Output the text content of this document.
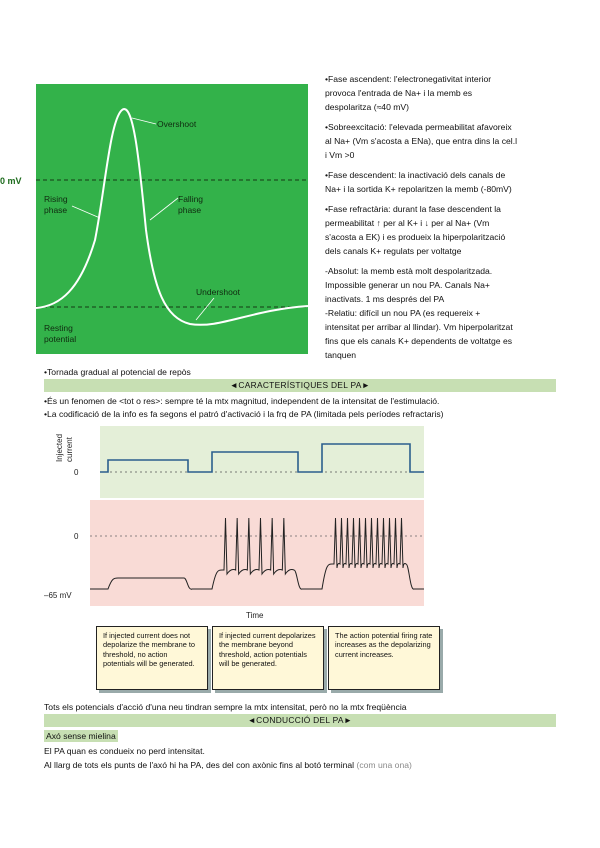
0 mV
Overshoot
Rising
phase
Falling
phase
Undershoot
Resting
potential
•Fase ascendent: l'electronegativitat interior
provoca l'entrada de Na+ i la memb es
despolaritza (≈40 mV)
•Sobreexcitació: l'elevada permeabilitat afavoreix
al Na+ (Vm s'acosta a ENa), que entra dins la cel.l
i Vm >0
•Fase descendent: la inactivació dels canals de
Na+ i la sortida K+ repolaritzen la memb (-80mV)
•Fase refractària: durant la fase descendent la
permeabilitat ↑ per al K+ i ↓ per al Na+ (Vm
s'acosta a EK) i es produeix la hiperpolarització
dels canals K+ regulats per voltatge
-Absolut: la memb està molt despolaritzada.
Impossible generar un nou PA. Canals Na+
inactivats. 1 ms després del PA
-Relatiu: difícil un nou PA (es requereix +
intensitat per arribar al llindar). Vm hiperpolaritzat
fins que els canals K+ dependents de voltatge es
tanquen
•Tornada gradual al potencial de repòs
◄CARACTERÍSTIQUES DEL PA►
•És un fenomen de <tot o res>: sempre té la mtx magnitud, independent de la intensitat de l'estimulació.
•La codificació de la info es fa segons el patró d'activació i la frq de PA (limitada pels períodes refractaris)
Injected current
0
0
–65 mV
Time
If injected current does not depolarize the membrane to threshold, no action potentials will be generated.
If injected current depolarizes the membrane beyond threshold, action potentials will be generated.
The action potential firing rate increases as the depolarizing current increases.
Tots els potencials d'acció d'una neu tindran sempre la mtx intensitat, però no la mtx freqüència
◄CONDUCCIÓ DEL PA►
Axó sense mielina
El PA quan es condueix no perd intensitat.
Al llarg de tots els punts de l'axó hi ha PA, des del con axònic fins al botó terminal (com una ona)
